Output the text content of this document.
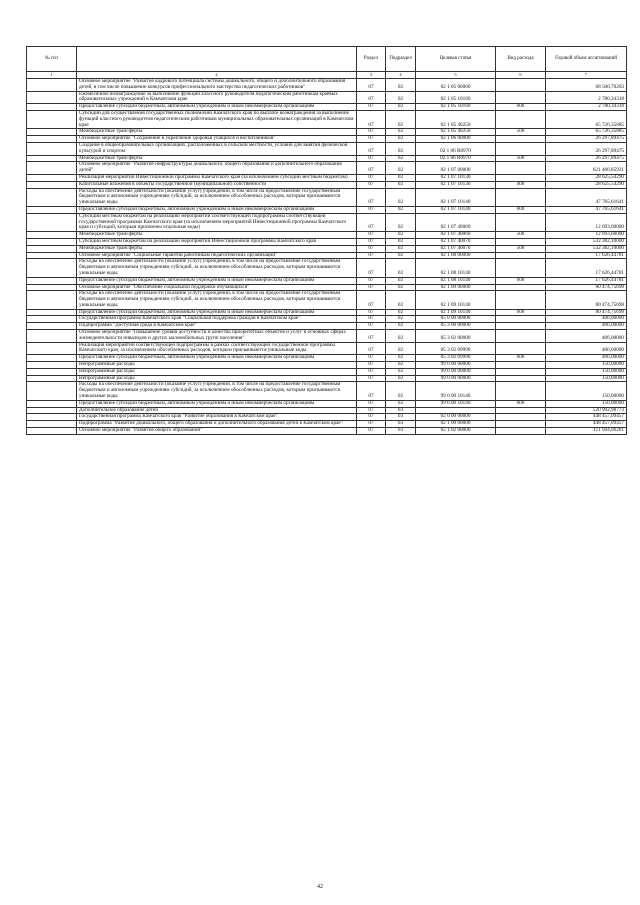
№ п/п		Раздел	Подраздел	Целевая статья	Вид расхода	Годовой объем ассигнований
1	2	3	4	5	6	7
	Основное мероприятие "Развитие кадрового потенциала системы дошкольного, общего и дополнительного образования детей, в том числе повышение конкурсов профессионального мастерства педагогических работников"	07	02	02 1 05 00000		68 506,70203
	Ежемесячное вознаграждение за выполнение функций классного руководителя педагогическим работникам краевых образовательных учреждений в Камчатском крае	07	02	02 1 05 10160		2 780,34318
	Предоставление субсидий бюджетным, автономным учреждениям и иным некоммерческим организациям	07	02	02 1 05 10160	600	2 780,34318
	Субсидии для осуществления государственных полномочий Камчатского края по выплате вознаграждения за выполнение функций классного руководителя педагогическим работникам муниципальных образовательных организаций в Камчатском крае	07	02	02 1 05 40250		65 726,35885
	Межбюджетные трансферты	07	02	02 1 05 40250	500	65 726,35885
	Основное мероприятие "Сохранение и укрепление здоровья учащихся и воспитанников"	07	02	02 1 06 00000		26 297,89475
	Создание в общеобразовательных организациях, расположенных в сельской местности, условий для занятий физической культурой и спортом	07	02	02 1 06 R0970		26 297,89475
	Межбюджетные трансферты	07	02	02 1 06 R0970	500	26 297,89475
	Основное мероприятие "Развитие инфраструктуры дошкольного, общего образования и дополнительного образования детей"	07	02	02 1 07 00000		621 466,85931
	Реализация мероприятий Инвестиционной программы Камчатского края (за исключением субсидий местным бюджетам)	07	02	02 1 07 10130		28 625,54290
	Капитальные вложения в объекты государственной (муниципальной) собственности	07	02	02 1 07 10130	400	28 625,54290
	Расходы на обеспечение деятельности (оказание услуг) учреждений, в том числе на предоставление государственным бюджетным и автономным учреждениям субсидий, за исключением обособленных расходов, которым присваиваются уникальные коды	07	02	02 1 07 10140		47 765,61641
	Предоставление субсидий бюджетным, автономным учреждениям и иным некоммерческим организациям	07	02	02 1 07 10140	600	47 765,61641
	Субсидии местным бюджетам на реализацию мероприятий соответствующей подпрограммы соответствующей государственной программы Камчатского края (за исключением мероприятий Инвестиционной программы Камчатского края и субсидий, которым присвоены отдельные коды)	07	02	02 1 07 40060		12 693,60000
	Межбюджетные трансферты	07	02	02 1 07 40060	500	12 693,60000
	Субсидии местным бюджетам на реализацию мероприятий Инвестиционной программы Камчатского края	07	02	02 1 07 40070		532 382,10000
	Межбюджетные трансферты	07	02	02 1 07 40070	500	532 382,10000
	Основное мероприятие "Социальные гарантии работникам педагогических организаций"	07	02	02 1 08 00000		17 626,44781
	Расходы на обеспечение деятельности (оказание услуг) учреждений, в том числе на предоставление государственным бюджетным и автономным учреждениям субсидий, за исключением обособленных расходов, которым присваиваются уникальные коды	07	02	02 1 08 10140		17 626,44781
	Предоставление субсидий бюджетным, автономным учреждениям и иным некоммерческим организациям	07	02	02 1 08 10140	600	17 626,44781
	Основное мероприятие "Обеспечение социальной поддержки обучающихся"	07	02	02 1 09 00000		80 474,75698
	Расходы на обеспечение деятельности (оказание услуг) учреждений, в том числе на предоставление государственным бюджетным и автономным учреждениям субсидий, за исключением обособленных расходов, которым присваиваются уникальные коды	07	02	02 1 09 10140		80 474,75698
	Предоставление субсидий бюджетным, автономным учреждениям и иным некоммерческим организациям	07	02	02 1 09 10140	600	80 474,75698
	Государственная программа Камчатского края "Социальная поддержка граждан в Камчатском крае"	07	02	05 0 00 00000		406,00000
	Подпрограмма "Доступная среда в Камчатском крае"	07	02	05 3 00 00000		406,00000
	Основное мероприятие "Повышение уровня доступности и качества приоритетных объектов и услуг в основных сферах жизнедеятельности инвалидов и других маломобильных групп населения"	07	02	05 3 02 00000		406,00000
	Реализация мероприятий соответствующей подпрограммы в рамках соответствующей государственной программы Камчатского края, за исключением обособленных расходов, которым присваиваются уникальные коды	07	02	05 3 02 09990		406,00000
	Предоставление субсидий бюджетным, автономным учреждениям и иным некоммерческим организациям	07	02	05 3 02 09990	600	406,00000
	Непрограммные расходы	07	02	99 0 00 00000		150,00000
	Непрограммные расходы	07	02	99 0 00 00000		150,00000
	Непрограммные расходы	07	02	99 0 00 00000		150,00000
	Расходы на обеспечение деятельности (оказание услуг) учреждений, в том числе на предоставление государственным бюджетным и автономным учреждениям субсидий, за исключением обособленных расходов, которым присваиваются уникальные коды	07	02	99 0 00 10140		150,00000
	Предоставление субсидий бюджетным, автономным учреждениям и иным некоммерческим организациям	07	02	99 0 00 10140	600	150,00000
	Дополнительное образование детей	07	03			520 992,98773
	Государственная программа Камчатского края "Развитие образования в Камчатском крае"	07	03	02 0 00 00000		448 457,09457
	Подпрограмма "Развитие дошкольного, общего образования и дополнительного образования детей в Камчатском крае"	07	03	02 1 00 00000		448 457,09457
	Основное мероприятие "Развитие общего образования"	07	03	02 1 02 00000		111 944,06261
42
